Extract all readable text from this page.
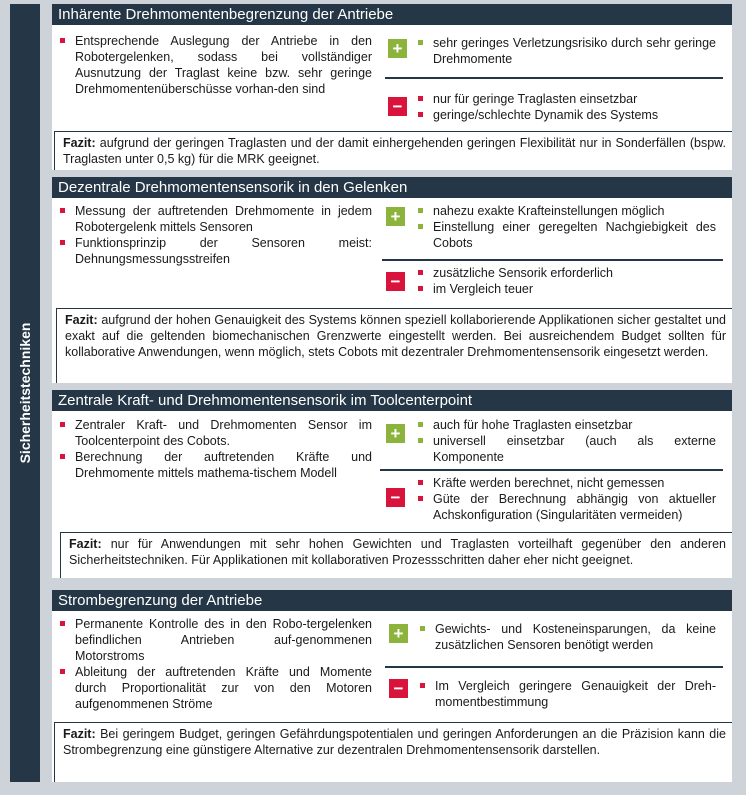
Sicherheitstechniken
Inhärente Drehmomentenbegrenzung der Antriebe
Entsprechende Auslegung der Antriebe in den Robotergelenken, sodass bei vollständiger Ausnutzung der Traglast keine bzw. sehr geringe Drehmomentenüberschüsse vorhan-den sind
+	sehr geringes Verletzungsrisiko durch sehr geringe Drehmomente
−	nur für geringe Traglasten einsetzbar
geringe/schlechte Dynamik des Systems
Fazit: aufgrund der geringen Traglasten und der damit einhergehenden geringen Flexibilität nur in Sonderfällen (bspw. Traglasten unter 0,5 kg) für die MRK geeignet.
Dezentrale Drehmomentensensorik in den Gelenken
Messung der auftretenden Drehmomente in jedem Robotergelenk mittels Sensoren
Funktionsprinzip der Sensoren meist: Dehnungsmessungsstreifen
+	nahezu exakte Krafteinstellungen möglich
Einstellung einer geregelten Nachgiebigkeit des Cobots
−	zusätzliche Sensorik erforderlich
im Vergleich teuer
Fazit: aufgrund der hohen Genauigkeit des Systems können speziell kollaborierende Applikationen sicher gestaltet und exakt auf die geltenden biomechanischen Grenzwerte eingestellt werden. Bei ausreichendem Budget sollten für kollaborative Anwendungen, wenn möglich, stets Cobots mit dezentraler Drehmomentensensorik eingesetzt werden.
Zentrale Kraft- und Drehmomentensensorik im Toolcenterpoint
Zentraler Kraft- und Drehmomenten Sensor im Toolcenterpoint des Cobots.
Berechnung der auftretenden Kräfte und Drehmomente mittels mathema-tischem Modell
+	auch für hohe Traglasten einsetzbar
universell einsetzbar (auch als externe Komponente
−
Kräfte werden berechnet, nicht gemessen
Güte der Berechnung abhängig von aktueller Achskonfiguration (Singularitäten vermeiden)
Fazit: nur für Anwendungen mit sehr hohen Gewichten und Traglasten vorteilhaft gegenüber den anderen Sicherheitstechniken. Für Applikationen mit kollaborativen Prozessschritten daher eher nicht geeignet.
Strombegrenzung der Antriebe
Permanente Kontrolle des in den Robo-tergelenken befindlichen Antrieben auf-genommenen Motorstroms
Ableitung der auftretenden Kräfte und Momente durch Proportionalität zur von den Motoren aufgenommenen Ströme
+	Gewichts- und Kosteneinsparungen, da keine zusätzlichen Sensoren benötigt werden
−	Im Vergleich geringere Genauigkeit der Dreh-momentbestimmung
Fazit: Bei geringem Budget, geringen Gefährdungspotentialen und geringen Anforderungen an die Präzision kann die Strombegrenzung eine günstigere Alternative zur dezentralen Drehmomentensensorik darstellen.
